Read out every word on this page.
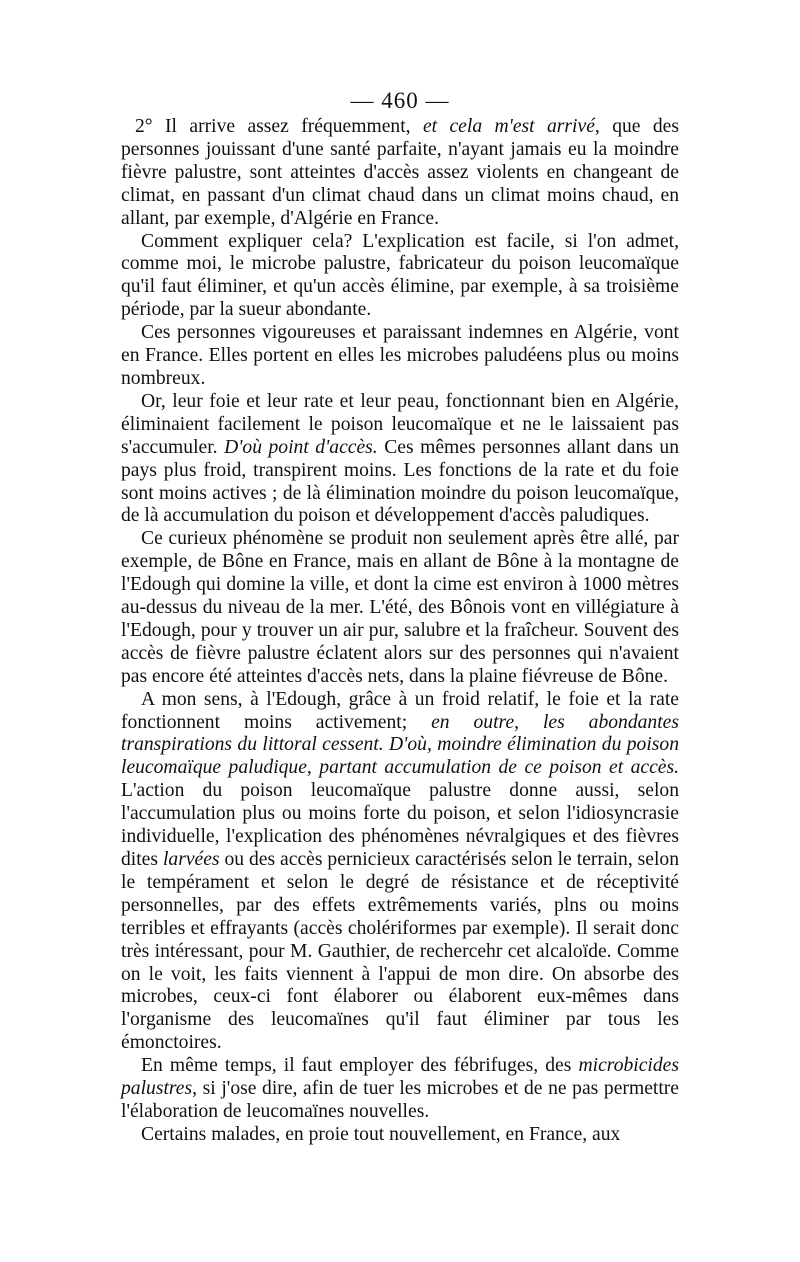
— 460 —

2° Il arrive assez fréquemment, et cela m'est arrivé, que des personnes jouissant d'une santé parfaite, n'ayant jamais eu la moindre fièvre palustre, sont atteintes d'accès assez violents en changeant de climat, en passant d'un climat chaud dans un climat moins chaud, en allant, par exemple, d'Algérie en France.

Comment expliquer cela? L'explication est facile, si l'on admet, comme moi, le microbe palustre, fabricateur du poison leucomaïque qu'il faut éliminer, et qu'un accès élimine, par exemple, à sa troisième période, par la sueur abondante.

Ces personnes vigoureuses et paraissant indemnes en Algérie, vont en France. Elles portent en elles les microbes paludéens plus ou moins nombreux.

Or, leur foie et leur rate et leur peau, fonctionnant bien en Algérie, éliminaient facilement le poison leucomaïque et ne le laissaient pas s'accumuler. D'où point d'accès. Ces mêmes personnes allant dans un pays plus froid, transpirent moins. Les fonctions de la rate et du foie sont moins actives ; de là élimination moindre du poison leucomaïque, de là accumulation du poison et développement d'accès paludiques.

Ce curieux phénomène se produit non seulement après être allé, par exemple, de Bône en France, mais en allant de Bône à la montagne de l'Edough qui domine la ville, et dont la cime est environ à 1000 mètres au-dessus du niveau de la mer. L'été, des Bônois vont en villégiature à l'Edough, pour y trouver un air pur, salubre et la fraîcheur. Souvent des accès de fièvre palustre éclatent alors sur des personnes qui n'avaient pas encore été atteintes d'accès nets, dans la plaine fiévreuse de Bône.

A mon sens, à l'Edough, grâce à un froid relatif, le foie et la rate fonctionnent moins activement; en outre, les abondantes transpirations du littoral cessent. D'où, moindre élimination du poison leucomaïque paludique, partant accumulation de ce poison et accès. L'action du poison leucomaïque palustre donne aussi, selon l'accumulation plus ou moins forte du poison, et selon l'idiosyncrasie individuelle, l'explication des phénomènes névralgiques et des fièvres dites larvées ou des accès pernicieux caractérisés selon le terrain, selon le tempérament et selon le degré de résistance et de réceptivité personnelles, par des effets extrêmements variés, plns ou moins terribles et effrayants (accès cholériformes par exemple). Il serait donc très intéressant, pour M. Gauthier, de rechercehr cet alcaloïde. Comme on le voit, les faits viennent à l'appui de mon dire. On absorbe des microbes, ceux-ci font élaborer ou élaborent eux-mêmes dans l'organisme des leucomaïnes qu'il faut éliminer par tous les émonctoires.

En même temps, il faut employer des fébrifuges, des microbicides palustres, si j'ose dire, afin de tuer les microbes et de ne pas permettre l'élaboration de leucomaïnes nouvelles.

Certains malades, en proie tout nouvellement, en France, aux
